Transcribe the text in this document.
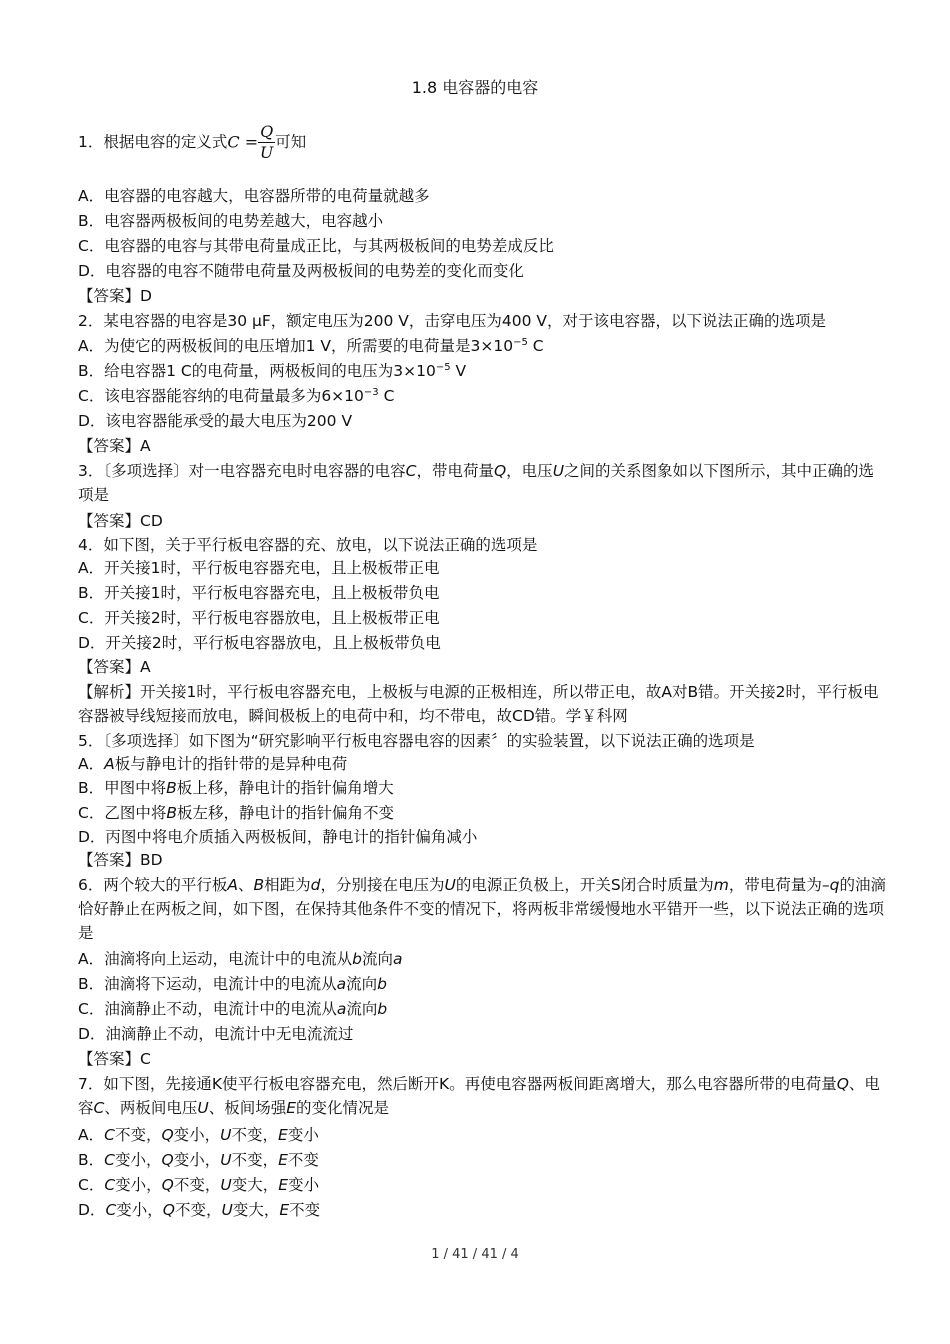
1.8 电容器的电容
1．根据电容的定义式$C = \frac{Q}{U}$ 可知
A．电容器的电容越大，电容器所带的电荷量就越多
B．电容器两极板间的电势差越大，电容越小
C．电容器的电容与其带电荷量成正比，与其两极板间的电势差成反比
D．电容器的电容不随带电荷量及两极板间的电势差的变化而变化
【答案】D
2．某电容器的电容是30 μF，额定电压为200 V，击穿电压为400 V，对于该电容器，以下说法正确的选项是
A．为使它的两极板间的电压增加1 V，所需要的电荷量是$3\times 10^{-5}$ C
B．给电容器1 C的电荷量，两极板间的电压为$3\times 10^{-5}$ V
C．该电容器能容纳的电荷量最多为$6\times 10^{-3}$ C
D．该电容器能承受的最大电压为200 V
【答案】A
3．〔多项选择〕对一电容器充电时电容器的电容C，带电荷量Q，电压U之间的关系图象如以下图所示，其中正确的选项是
【答案】CD
4．如下图，关于平行板电容器的充、放电，以下说法正确的选项是
A．开关接1时，平行板电容器充电，且上极板带正电
B．开关接1时，平行板电容器充电，且上极板带负电
C．开关接2时，平行板电容器放电，且上极板带正电
D．开关接2时，平行板电容器放电，且上极板带负电
【答案】A
【解析】开关接1时，平行板电容器充电，上极板与电源的正极相连，所以带正电，故A对B错。开关接2时，平行板电容器被导线短接而放电，瞬间极板上的电荷中和，均不带电，故CD错。学￥科网
5．〔多项选择〕如下图为“研究影响平行板电容器电容的因素〞的实验装置，以下说法正确的选项是
A．A板与静电计的指针带的是异种电荷
B．甲图中将B板上移，静电计的指针偏角增大
C．乙图中将B板左移，静电计的指针偏角不变
D．丙图中将电介质插入两极板间，静电计的指针偏角减小
【答案】BD
6．两个较大的平行板A、B相距为d，分别接在电压为U的电源正负极上，开关S闭合时质量为m，带电荷量为–q的油滴恰好静止在两板之间，如下图，在保持其他条件不变的情况下，将两板非常缓慢地水平错开一些，以下说法正确的选项是
A．油滴将向上运动，电流计中的电流从b流向a
B．油滴将下运动，电流计中的电流从a流向b
C．油滴静止不动，电流计中的电流从a流向b
D．油滴静止不动，电流计中无电流流过
【答案】C
7．如下图，先接通K使平行板电容器充电，然后断开K。再使电容器两板间距离增大，那么电容器所带的电荷量Q、电容C、两板间电压U、板间场强E的变化情况是
A．C不变，Q变小，U不变，E变小
B．C变小，Q变小，U不变，E不变
C．C变小，Q不变，U变大，E变小
D．C变小，Q不变，U变大，E不变
1 / 41 / 41 / 4
